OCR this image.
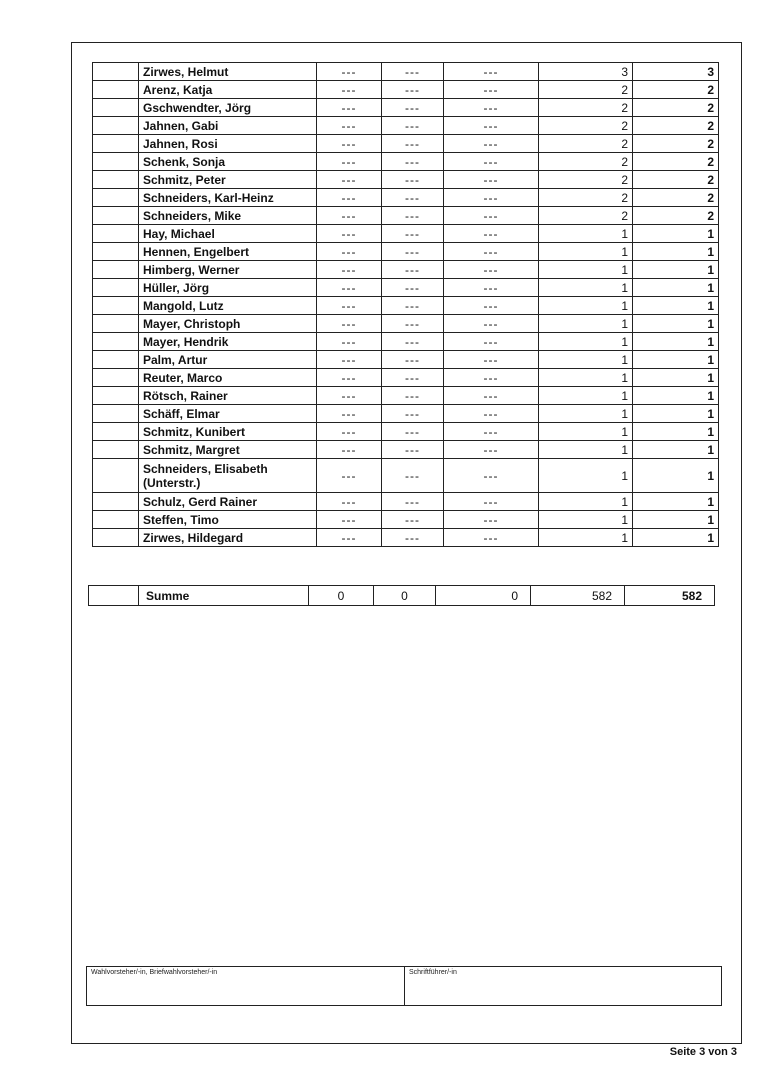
	Zirwes, Helmut	---	---	---	3	3
	Arenz, Katja	---	---	---	2	2
	Gschwendter, Jörg	---	---	---	2	2
	Jahnen, Gabi	---	---	---	2	2
	Jahnen, Rosi	---	---	---	2	2
	Schenk, Sonja	---	---	---	2	2
	Schmitz, Peter	---	---	---	2	2
	Schneiders, Karl-Heinz	---	---	---	2	2
	Schneiders, Mike	---	---	---	2	2
	Hay, Michael	---	---	---	1	1
	Hennen, Engelbert	---	---	---	1	1
	Himberg, Werner	---	---	---	1	1
	Hüller, Jörg	---	---	---	1	1
	Mangold, Lutz	---	---	---	1	1
	Mayer, Christoph	---	---	---	1	1
	Mayer, Hendrik	---	---	---	1	1
	Palm, Artur	---	---	---	1	1
	Reuter, Marco	---	---	---	1	1
	Rötsch, Rainer	---	---	---	1	1
	Schäff, Elmar	---	---	---	1	1
	Schmitz, Kunibert	---	---	---	1	1
	Schmitz, Margret	---	---	---	1	1
	Schneiders, Elisabeth (Unterstr.)	---	---	---	1	1
	Schulz, Gerd Rainer	---	---	---	1	1
	Steffen, Timo	---	---	---	1	1
	Zirwes, Hildegard	---	---	---	1	1
	Summe	0	0	0	582	582
Wahlvorsteher/-in, Briefwahlvorsteher/-in	Schriftführer/-in
Seite 3 von 3
